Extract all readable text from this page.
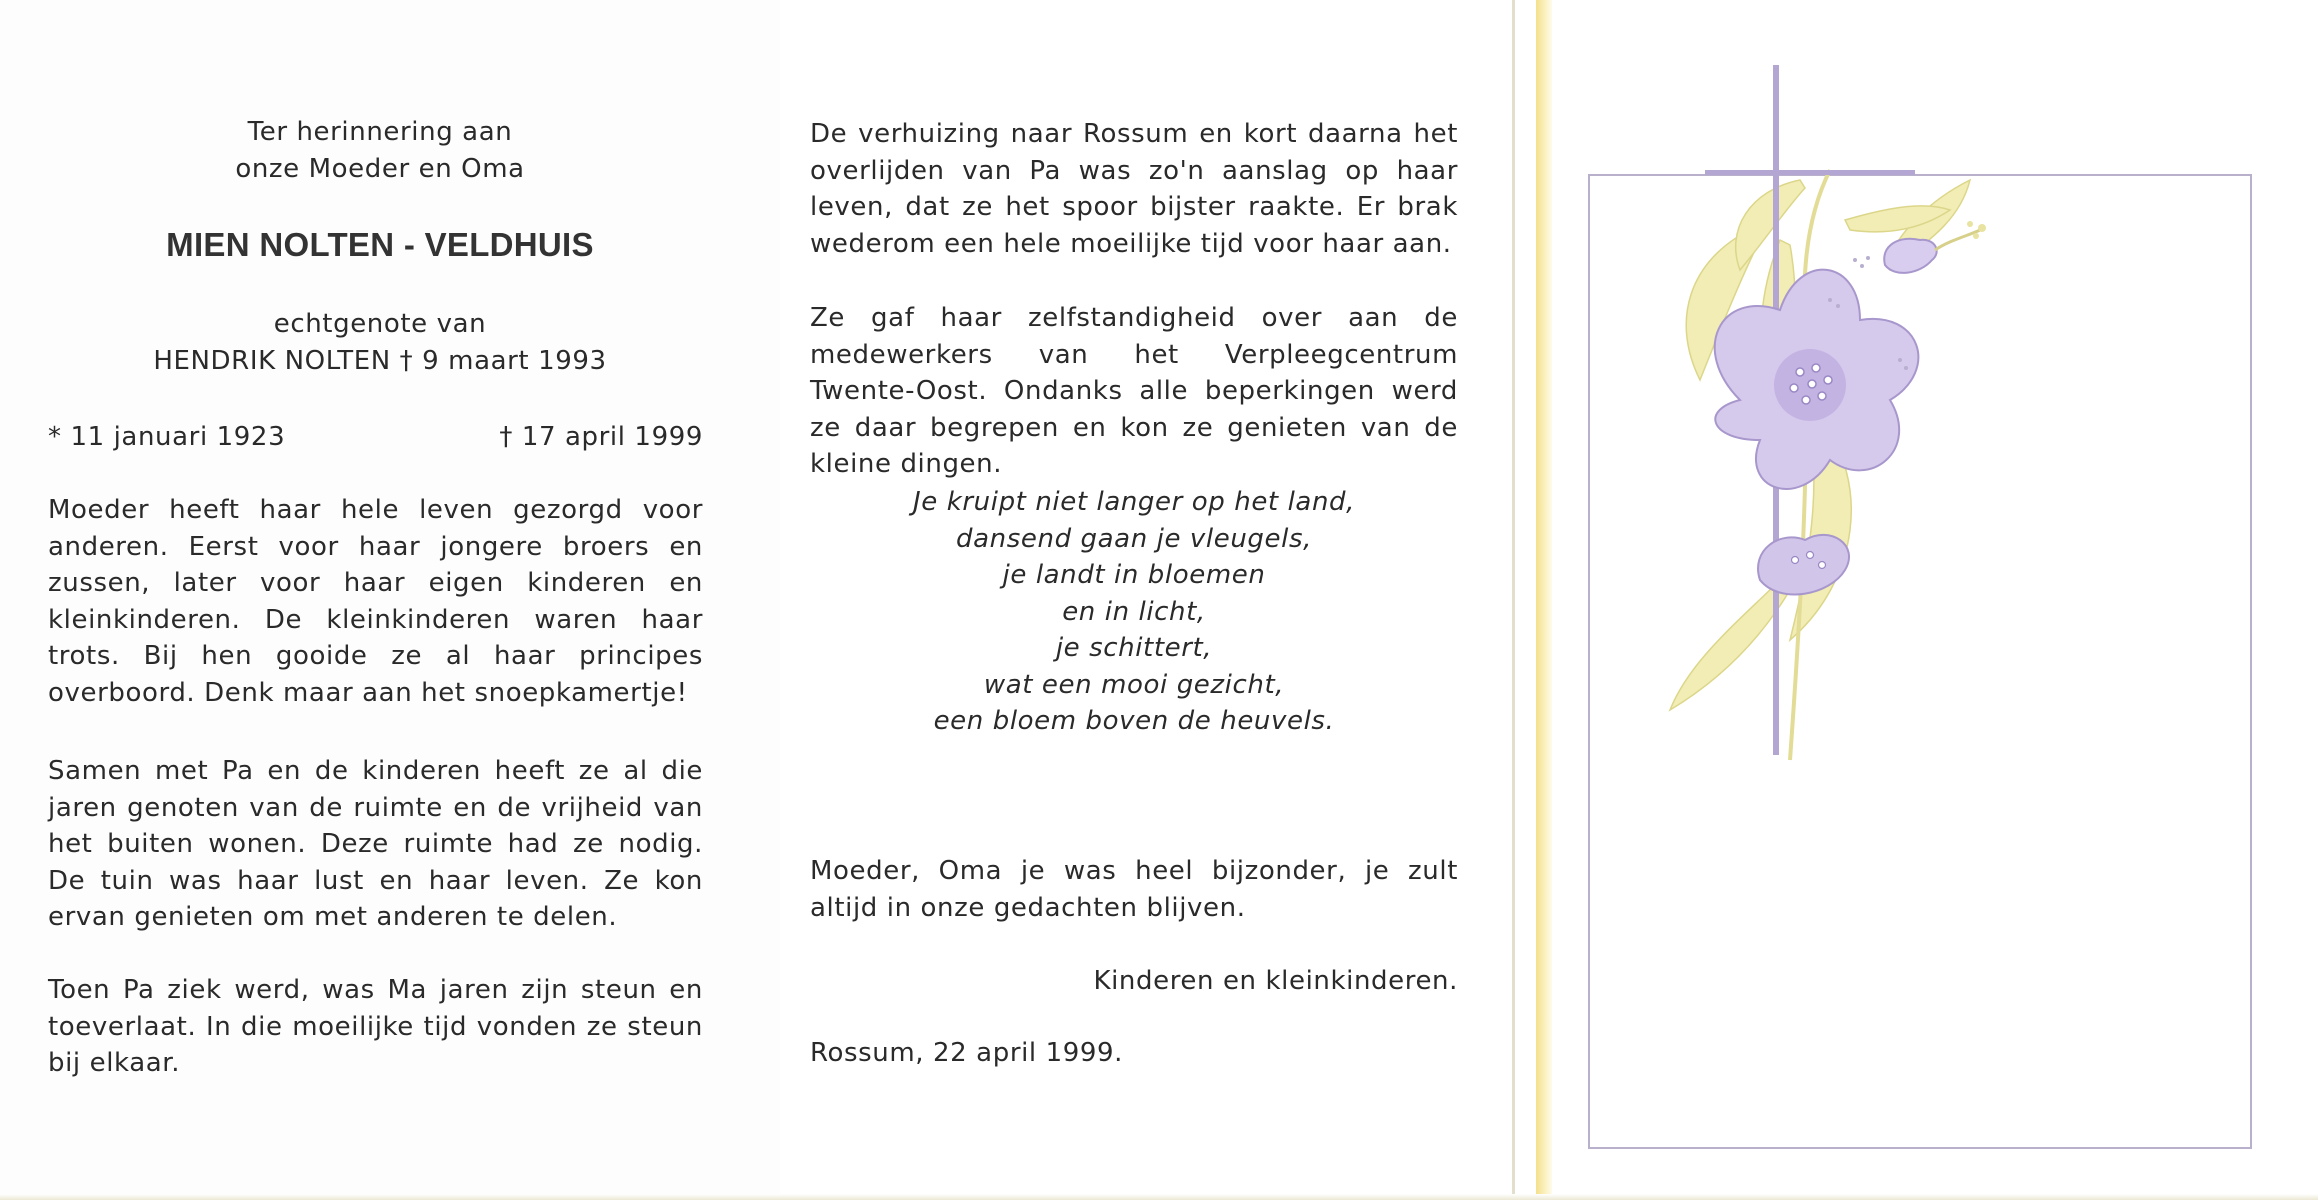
Ter herinnering aan
onze Moeder en Oma
MIEN NOLTEN - VELDHUIS
echtgenote van
HENDRIK NOLTEN † 9 maart 1993
* 11 januari 1923	† 17 april 1999
Moeder heeft haar hele leven gezorgd voor anderen. Eerst voor haar jongere broers en zussen, later voor haar eigen kinderen en kleinkinderen. De kleinkinderen waren haar trots. Bij hen gooide ze al haar principes overboord. Denk maar aan het snoepkamertje!
Samen met Pa en de kinderen heeft ze al die jaren genoten van de ruimte en de vrijheid van het buiten wonen. Deze ruimte had ze nodig. De tuin was haar lust en haar leven. Ze kon ervan genieten om met anderen te delen.
Toen Pa ziek werd, was Ma jaren zijn steun en toeverlaat. In die moeilijke tijd vonden ze steun bij elkaar.
De verhuizing naar Rossum en kort daarna het overlijden van Pa was zo'n aanslag op haar leven, dat ze het spoor bijster raakte. Er brak wederom een hele moeilijke tijd voor haar aan.
Ze gaf haar zelfstandigheid over aan de medewerkers van het Verpleegcentrum Twente-Oost. Ondanks alle beperkingen werd ze daar begrepen en kon ze genieten van de kleine dingen.
Je kruipt niet langer op het land,
dansend gaan je vleugels,
je landt in bloemen
en in licht,
je schittert,
wat een mooi gezicht,
een bloem boven de heuvels.
Moeder, Oma je was heel bijzonder, je zult altijd in onze gedachten blijven.
Kinderen en kleinkinderen.
Rossum, 22 april 1999.
